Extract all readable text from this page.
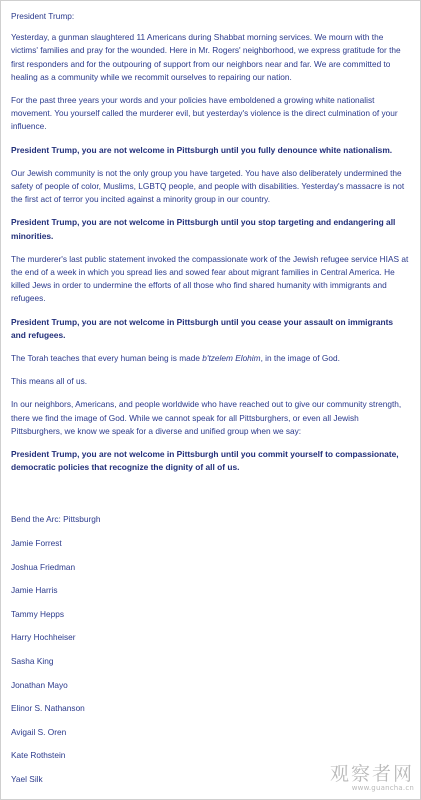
President Trump:

Yesterday, a gunman slaughtered 11 Americans during Shabbat morning services. We mourn with the victims' families and pray for the wounded. Here in Mr. Rogers' neighborhood, we express gratitude for the first responders and for the outpouring of support from our neighbors near and far. We are committed to healing as a community while we recommit ourselves to repairing our nation.

For the past three years your words and your policies have emboldened a growing white nationalist movement. You yourself called the murderer evil, but yesterday's violence is the direct culmination of your influence.

President Trump, you are not welcome in Pittsburgh until you fully denounce white nationalism.

Our Jewish community is not the only group you have targeted. You have also deliberately undermined the safety of people of color, Muslims, LGBTQ people, and people with disabilities. Yesterday's massacre is not the first act of terror you incited against a minority group in our country.

President Trump, you are not welcome in Pittsburgh until you stop targeting and endangering all minorities.

The murderer's last public statement invoked the compassionate work of the Jewish refugee service HIAS at the end of a week in which you spread lies and sowed fear about migrant families in Central America. He killed Jews in order to undermine the efforts of all those who find shared humanity with immigrants and refugees.

President Trump, you are not welcome in Pittsburgh until you cease your assault on immigrants and refugees.

The Torah teaches that every human being is made b'tzelem Elohim, in the image of God.

This means all of us.

In our neighbors, Americans, and people worldwide who have reached out to give our community strength, there we find the image of God. While we cannot speak for all Pittsburghers, or even all Jewish Pittsburghers, we know we speak for a diverse and unified group when we say:

President Trump, you are not welcome in Pittsburgh until you commit yourself to compassionate, democratic policies that recognize the dignity of all of us.

Bend the Arc: Pittsburgh
Jamie Forrest
Joshua Friedman
Jamie Harris
Tammy Hepps
Harry Hochheiser
Sasha King
Jonathan Mayo
Elinor S. Nathanson
Avigail S. Oren
Kate Rothstein
Yael Silk	观察者网
www.guancha.cn
